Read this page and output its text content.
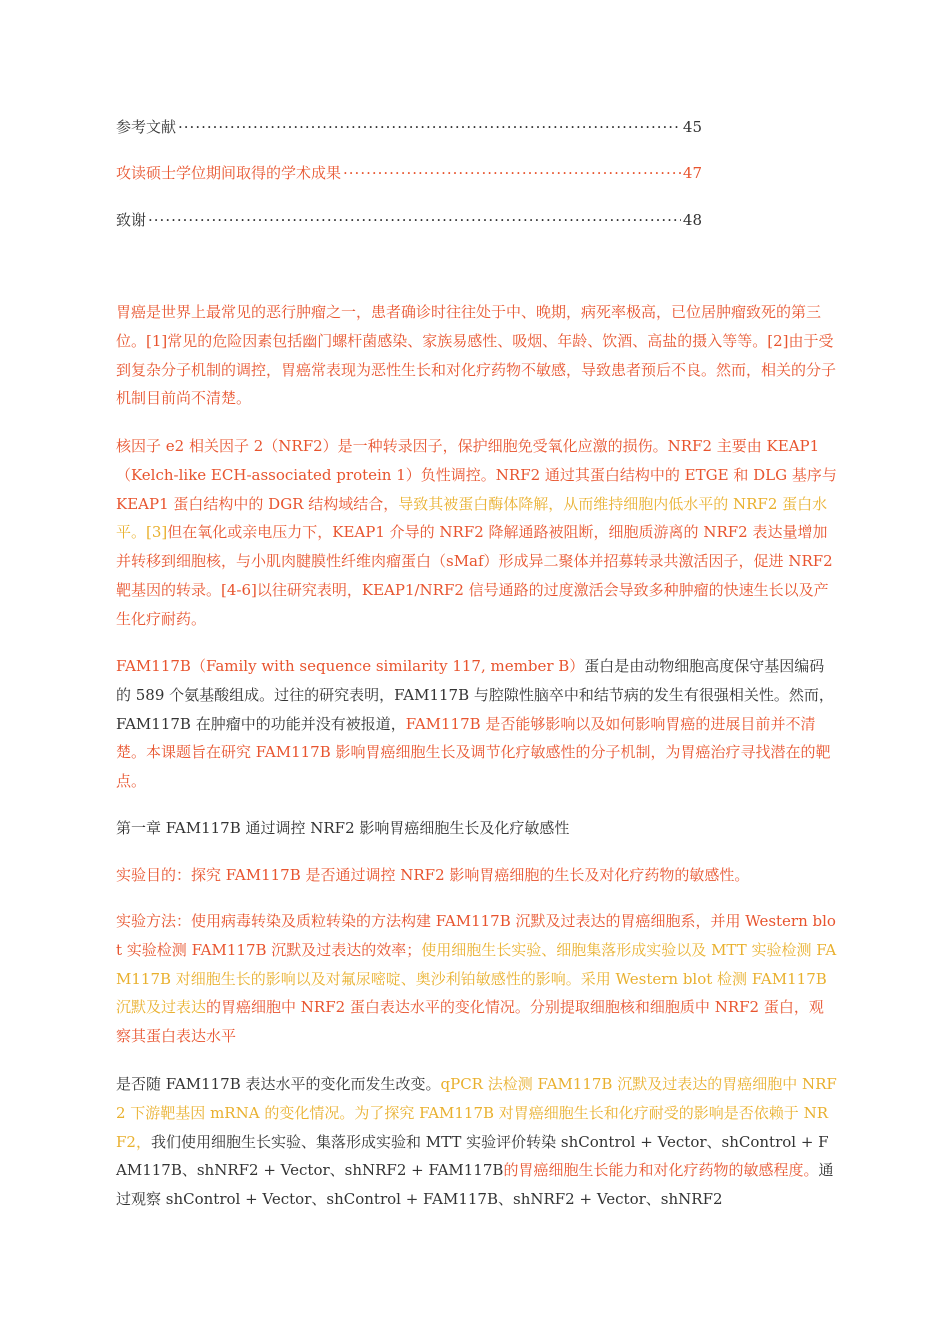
参考文献 ·····	45
攻读硕士学位期间取得的学术成果 ·····	47
致谢 ·····	48

胃癌是世界上最常见的恶行肿瘤之一，患者确诊时往往处于中、晚期，病死率极高，已位居肿瘤致死的第三位。[1]常见的危险因素包括幽门螺杆菌感染、家族易感性、吸烟、年龄、饮酒、高盐的摄入等等。[2]由于受到复杂分子机制的调控，胃癌常表现为恶性生长和对化疗药物不敏感，导致患者预后不良。然而，相关的分子机制目前尚不清楚。

核因子 e2 相关因子 2（NRF2）是一种转录因子，保护细胞免受氧化应激的损伤。NRF2 主要由 KEAP1（Kelch-like ECH-associated protein 1）负性调控。NRF2 通过其蛋白结构中的 ETGE 和 DLG 基序与 KEAP1 蛋白结构中的 DGR 结构域结合，导致其被蛋白酶体降解，从而维持细胞内低水平的 NRF2 蛋白水平。[3]但在氧化或亲电压力下，KEAP1 介导的 NRF2 降解通路被阻断，细胞质游离的 NRF2 表达量增加并转移到细胞核，与小肌肉腱膜性纤维肉瘤蛋白（sMaf）形成异二聚体并招募转录共激活因子，促进 NRF2 靶基因的转录。[4-6]以往研究表明，KEAP1/NRF2 信号通路的过度激活会导致多种肿瘤的快速生长以及产生化疗耐药。

FAM117B（Family with sequence similarity 117, member B）蛋白是由动物细胞高度保守基因编码的 589 个氨基酸组成。过往的研究表明，FAM117B 与腔隙性脑卒中和结节病的发生有很强相关性。然而，FAM117B 在肿瘤中的功能并没有被报道，FAM117B 是否能够影响以及如何影响胃癌的进展目前并不清楚。本课题旨在研究 FAM117B 影响胃癌细胞生长及调节化疗敏感性的分子机制，为胃癌治疗寻找潜在的靶点。

第一章 FAM117B 通过调控 NRF2 影响胃癌细胞生长及化疗敏感性

实验目的：探究 FAM117B 是否通过调控 NRF2 影响胃癌细胞的生长及对化疗药物的敏感性。

实验方法：使用病毒转染及质粒转染的方法构建 FAM117B 沉默及过表达的胃癌细胞系，并用 Western blot 实验检测 FAM117B 沉默及过表达的效率；使用细胞生长实验、细胞集落形成实验以及 MTT 实验检测 FAM117B 对细胞生长的影响以及对氟尿嘧啶、奥沙利铂敏感性的影响。采用 Western blot 检测 FAM117B 沉默及过表达的胃癌细胞中 NRF2 蛋白表达水平的变化情况。分别提取细胞核和细胞质中 NRF2 蛋白，观察其蛋白表达水平

是否随 FAM117B 表达水平的变化而发生改变。qPCR 法检测 FAM117B 沉默及过表达的胃癌细胞中 NRF2 下游靶基因 mRNA 的变化情况。为了探究 FAM117B 对胃癌细胞生长和化疗耐受的影响是否依赖于 NRF2，我们使用细胞生长实验、集落形成实验和 MTT 实验评价转染 shControl + Vector、shControl + FAM117B、shNRF2 + Vector、shNRF2 + FAM117B的胃癌细胞生长能力和对化疗药物的敏感程度。通过观察 shControl + Vector、shControl + FAM117B、shNRF2 + Vector、shNRF2
